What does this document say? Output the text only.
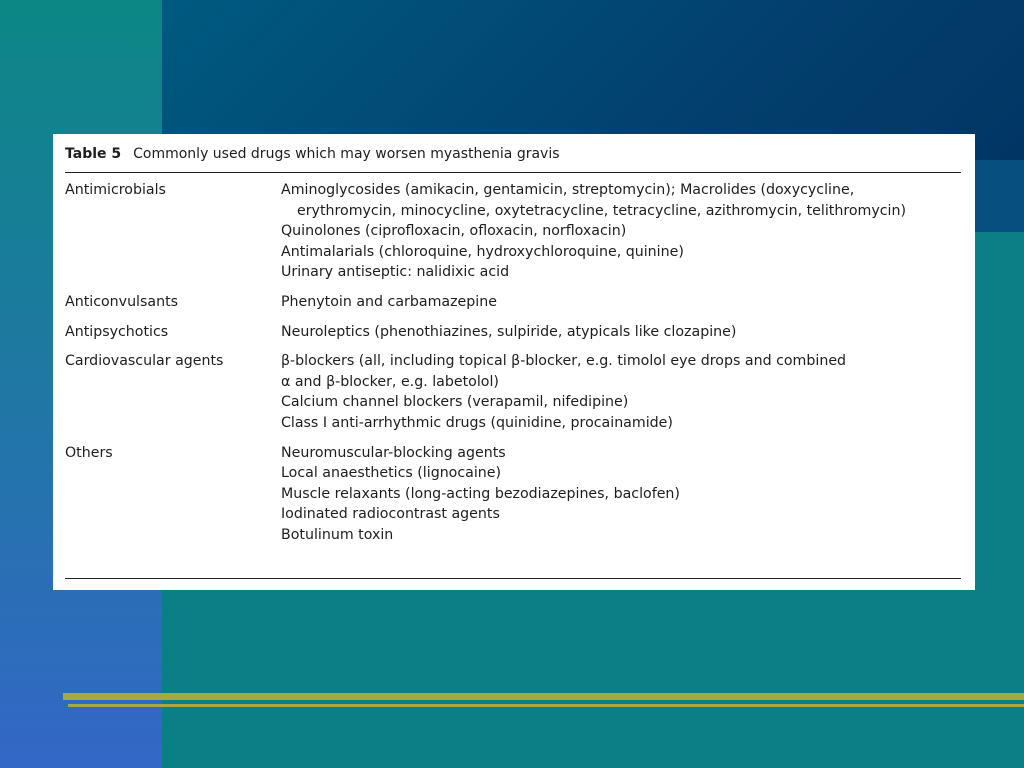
Table 5 Commonly used drugs which may worsen myasthenia gravis
Antimicrobials	Aminoglycosides (amikacin, gentamicin, streptomycin); Macrolides (doxycycline,
erythromycin, minocycline, oxytetracycline, tetracycline, azithromycin, telithromycin)
Quinolones (ciprofloxacin, ofloxacin, norfloxacin)
Antimalarials (chloroquine, hydroxychloroquine, quinine)
Urinary antiseptic: nalidixic acid
Anticonvulsants	Phenytoin and carbamazepine
Antipsychotics	Neuroleptics (phenothiazines, sulpiride, atypicals like clozapine)
Cardiovascular agents	β-blockers (all, including topical β-blocker, e.g. timolol eye drops and combined
α and β-blocker, e.g. labetolol)
Calcium channel blockers (verapamil, nifedipine)
Class I anti-arrhythmic drugs (quinidine, procainamide)
Others	Neuromuscular-blocking agents
Local anaesthetics (lignocaine)
Muscle relaxants (long-acting bezodiazepines, baclofen)
Iodinated radiocontrast agents
Botulinum toxin
